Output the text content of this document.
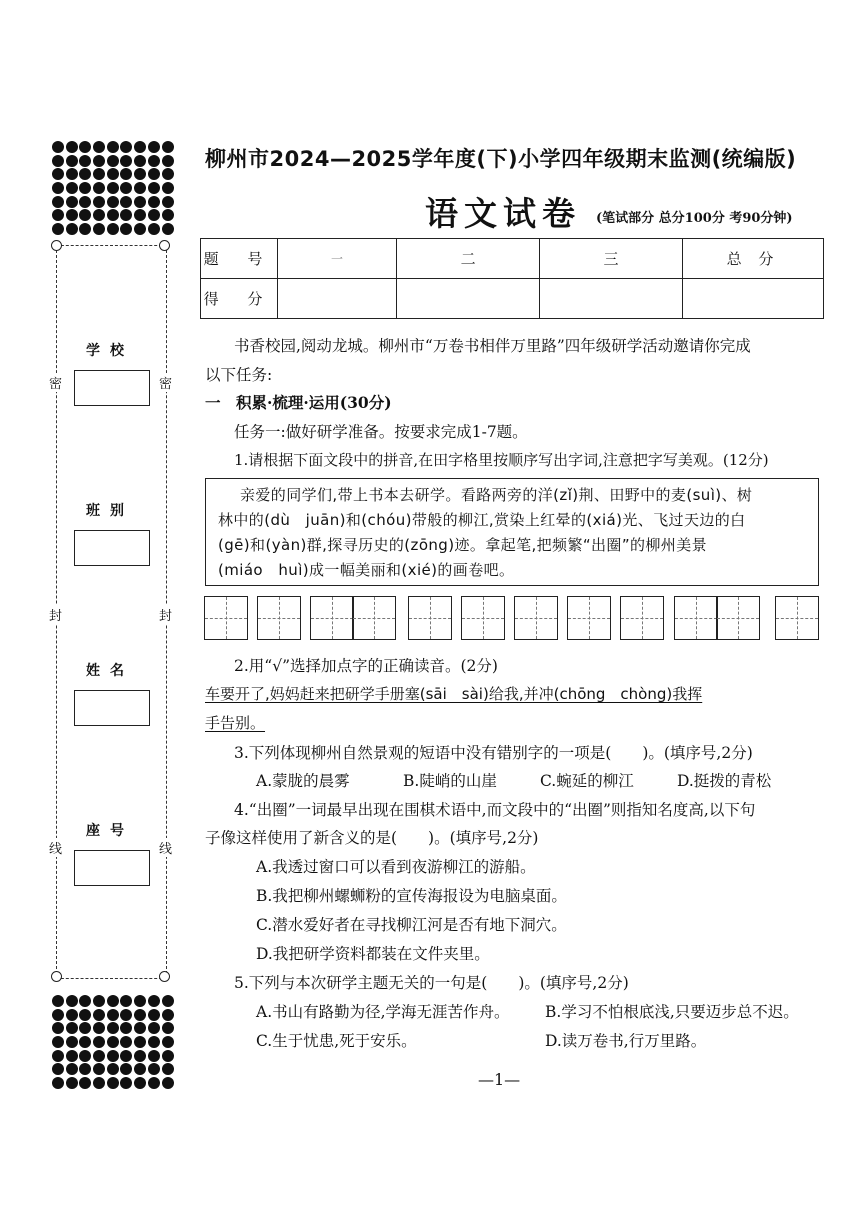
密	密
封	封
线	线
学校
班别
姓名
座号
柳州市2024—2025学年度(下)小学四年级期末监测(统编版)
语文试卷 (笔试部分 总分100分 考90分钟)
题 号	一	二	三	总 分
得 分				
书香校园,阅动龙城。柳州市“万卷书相伴万里路”四年级研学活动邀请你完成
以下任务:
一　积累·梳理·运用(30分)
任务一:做好研学准备。按要求完成1-7题。
1.请根据下面文段中的拼音,在田字格里按顺序写出字词,注意把字写美观。(12分)
亲爱的同学们,带上书本去研学。看路两旁的洋(zǐ)荆、田野中的麦(suì)、树
林中的(dù　juān)和(chóu)带般的柳江,赏染上红晕的(xiá)光、飞过天边的白
(gē)和(yàn)群,探寻历史的(zōng)迹。拿起笔,把频繁“出圈”的柳州美景
(miáo　huì)成一幅美丽和(xié)的画卷吧。
2.用“√”选择加点字的正确读音。(2分)
车要开了,妈妈赶来把研学手册塞(sāi　sài)给我,并冲(chōng　chòng)我挥
手告别。
3.下列体现柳州自然景观的短语中没有错别字的一项是(　　)。(填序号,2分)
A.蒙胧的晨雾	B.陡峭的山崖	C.蜿延的柳江	D.挺拨的青松
4.“出圈”一词最早出现在围棋术语中,而文段中的“出圈”则指知名度高,以下句
子像这样使用了新含义的是(　　)。(填序号,2分)
A.我透过窗口可以看到夜游柳江的游船。
B.我把柳州螺蛳粉的宣传海报设为电脑桌面。
C.潜水爱好者在寻找柳江河是否有地下洞穴。
D.我把研学资料都装在文件夹里。
5.下列与本次研学主题无关的一句是(　　)。(填序号,2分)
A.书山有路勤为径,学海无涯苦作舟。 B.学习不怕根底浅,只要迈步总不迟。
C.生于忧患,死于安乐。	D.读万卷书,行万里路。
—1—
